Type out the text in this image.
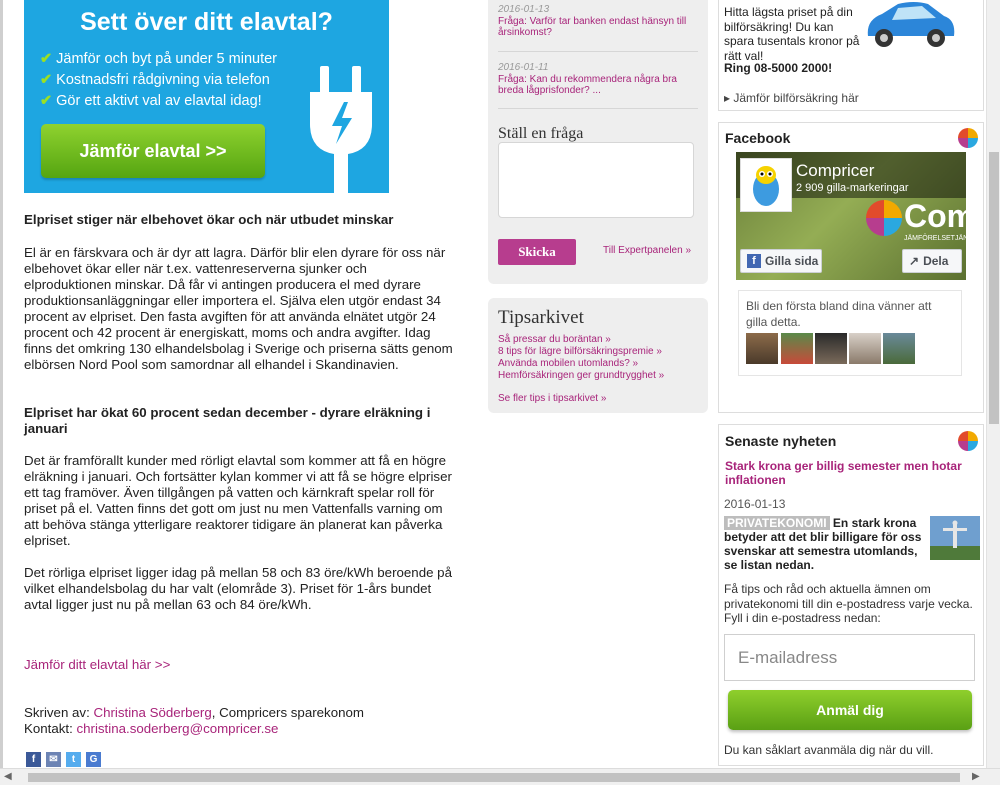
Sett över ditt elavtal?
✔ Jämför och byt på under 5 minuter
✔ Kostnadsfri rådgivning via telefon
✔ Gör ett aktivt val av elavtal idag!
Jämför elavtal >>
Elpriset stiger när elbehovet ökar och när utbudet minskar
El är en färskvara och är dyr att lagra. Därför blir elen dyrare för oss när elbehovet ökar eller när t.ex. vattenreserverna sjunker och elproduktionen minskar. Då får vi antingen producera el med dyrare produktionsanläggningar eller importera el. Själva elen utgör endast 34 procent av elpriset. Den fasta avgiften för att använda elnätet utgör 24 procent och 42 procent är energiskatt, moms och andra avgifter. Idag finns det omkring 130 elhandelsbolag i Sverige och priserna sätts genom elbörsen Nord Pool som samordnar all elhandel i Skandinavien.
Elpriset har ökat 60 procent sedan december - dyrare elräkning i januari
Det är framförallt kunder med rörligt elavtal som kommer att få en högre elräkning i januari. Och fortsätter kylan kommer vi att få se högre elpriser ett tag framöver. Även tillgången på vatten och kärnkraft spelar roll för priset på el. Vatten finns det gott om just nu men Vattenfalls varning om att behöva stänga ytterligare reaktorer tidigare än planerat kan påverka elpriset.
Det rörliga elpriset ligger idag på mellan 58 och 83 öre/kWh beroende på vilket elhandelsbolag du har valt (elområde 3). Priset för 1-års bundet avtal ligger just nu på mellan 63 och 84 öre/kWh.
Jämför ditt elavtal här >>
Skriven av: Christina Söderberg, Compricers sparekonom
Kontakt: christina.soderberg@compricer.se
f	✉	t	G
2016-01-13
Fråga: Varför tar banken endast hänsyn till årsinkomst?
2016-01-11
Fråga: Kan du rekommendera några bra breda lågprisfonder? ...
Ställ en fråga
Skicka	Till Expertpanelen »
Tipsarkivet
Så pressar du boräntan »
8 tips för lägre bilförsäkringspremie »
Använda mobilen utomlands? »
Hemförsäkringen ger grundtrygghet »
Se fler tips i tipsarkivet »
Hitta lägsta priset på din bilförsäkring! Du kan spara tusentals kronor på rätt val!
Ring 08-5000 2000!
▸ Jämför bilförsäkring här
Facebook
Compricer
2 909 gilla-markeringar
Com
JÄMFÖRELSETJÄN
f Gilla sida	↗ Dela
Bli den första bland dina vänner att gilla detta.
Senaste nyheten
Stark krona ger billig semester men hotar inflationen
2016-01-13
PRIVATEKONOMI En stark krona betyder att det blir billigare för oss svenskar att semestra utomlands, se listan nedan.
Få tips och råd och aktuella ämnen om privatekonomi till din e-postadress varje vecka. Fyll i din e-postadress nedan:
E-mailadress
Anmäl dig
Du kan såklart avanmäla dig när du vill.
◀	▶
